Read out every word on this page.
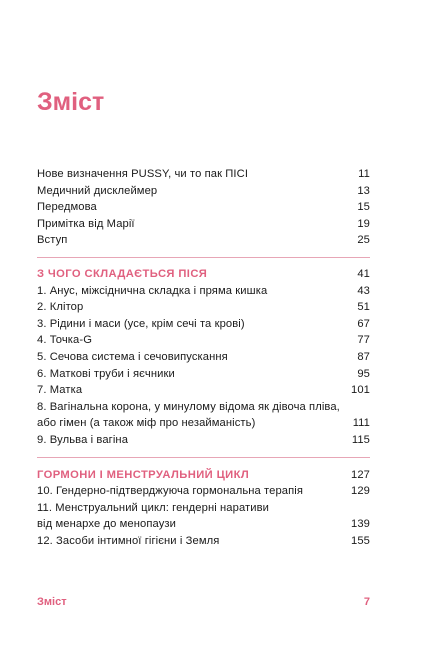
Зміст
Нове визначення PUSSY, чи то пак ПІСІ	11
Медичний дисклеймер	13
Передмова	15
Примітка від Марії	19
Вступ	25
З ЧОГО СКЛАДАЄТЬСЯ ПІСЯ	41
1. Анус, міжсіднична складка і пряма кишка	43
2. Клітор	51
3. Рідини і маси (усе, крім сечі та крові)	67
4. Точка-G	77
5. Сечова система і сечовипускання	87
6. Маткові труби і яєчники	95
7. Матка	101
8. Вагінальна корона, у минулому відома як дівоча пліва,
або гімен (а також міф про незайманість)	111
9. Вульва і вагіна	115
ГОРМОНИ І МЕНСТРУАЛЬНИЙ ЦИКЛ	127
10. Гендерно-підтверджуюча гормональна терапія	129
11. Менструальний цикл: гендерні наративи
від менархе до менопаузи	139
12. Засоби інтимної гігієни і Земля	155
Зміст	7
